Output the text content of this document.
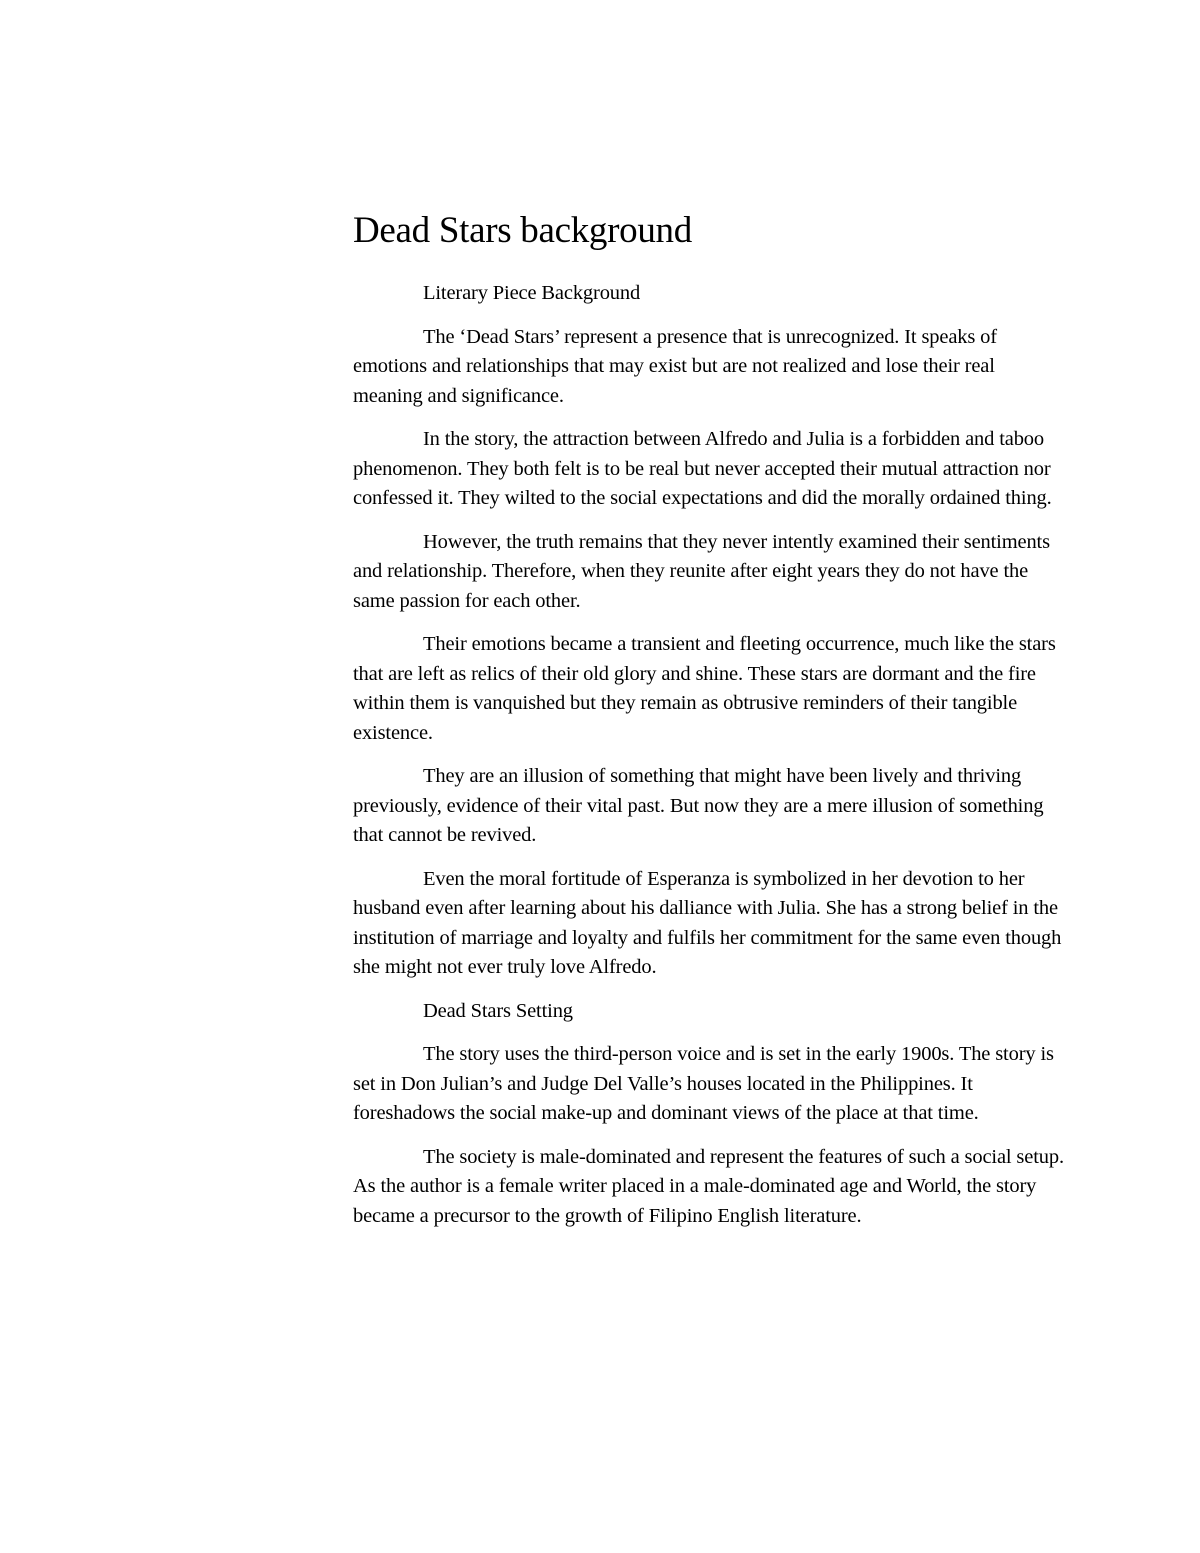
Dead Stars background

Literary Piece Background

The ‘Dead Stars’ represent a presence that is unrecognized. It speaks of emotions and relationships that may exist but are not realized and lose their real meaning and significance.

In the story, the attraction between Alfredo and Julia is a forbidden and taboo phenomenon. They both felt is to be real but never accepted their mutual attraction nor confessed it. They wilted to the social expectations and did the morally ordained thing.

However, the truth remains that they never intently examined their sentiments and relationship. Therefore, when they reunite after eight years they do not have the same passion for each other.

Their emotions became a transient and fleeting occurrence, much like the stars that are left as relics of their old glory and shine. These stars are dormant and the fire within them is vanquished but they remain as obtrusive reminders of their tangible existence.

They are an illusion of something that might have been lively and thriving previously, evidence of their vital past. But now they are a mere illusion of something that cannot be revived.

Even the moral fortitude of Esperanza is symbolized in her devotion to her husband even after learning about his dalliance with Julia. She has a strong belief in the institution of marriage and loyalty and fulfils her commitment for the same even though she might not ever truly love Alfredo.

Dead Stars Setting

The story uses the third-person voice and is set in the early 1900s. The story is set in Don Julian’s and Judge Del Valle’s houses located in the Philippines. It foreshadows the social make-up and dominant views of the place at that time.

The society is male-dominated and represent the features of such a social setup. As the author is a female writer placed in a male-dominated age and World, the story became a precursor to the growth of Filipino English literature.
